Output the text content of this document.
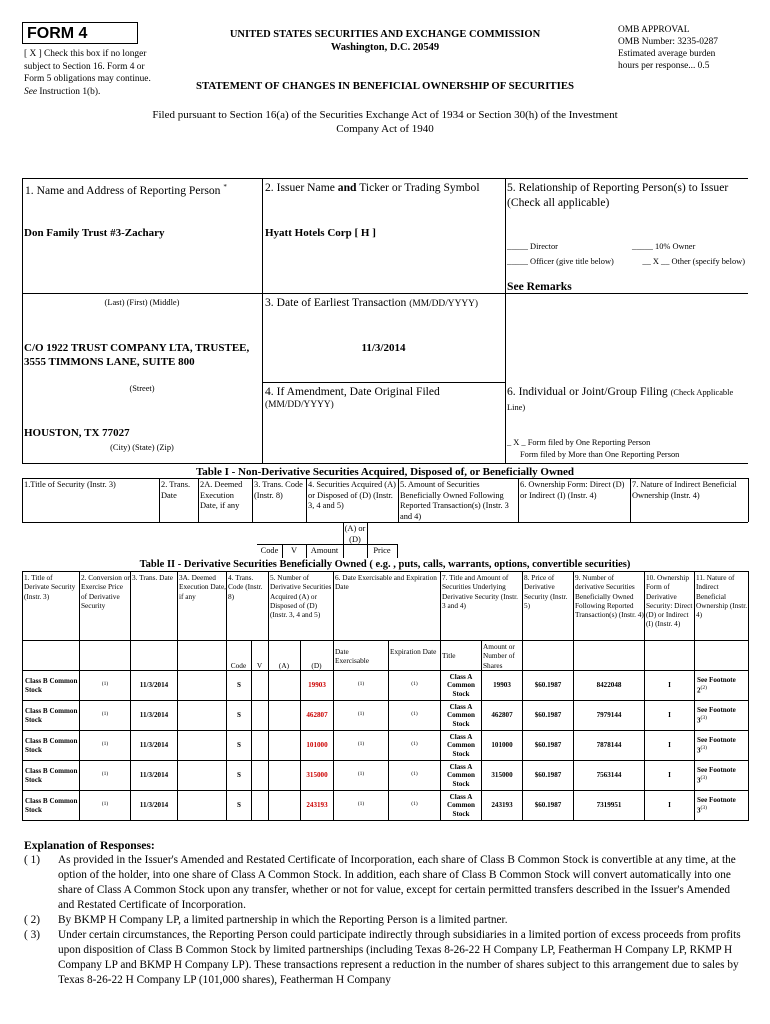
FORM 4
[ X ] Check this box if no longer subject to Section 16. Form 4 or Form 5 obligations may continue. See Instruction 1(b).
UNITED STATES SECURITIES AND EXCHANGE COMMISSION
Washington, D.C. 20549
OMB APPROVAL
OMB Number: 3235-0287
Estimated average burden
hours per response... 0.5
STATEMENT OF CHANGES IN BENEFICIAL OWNERSHIP OF SECURITIES
Filed pursuant to Section 16(a) of the Securities Exchange Act of 1934 or Section 30(h) of the Investment Company Act of 1940
1. Name and Address of Reporting Person *
Don Family Trust #3-Zachary
(Last) (First) (Middle)
C/O 1922 TRUST COMPANY LTA, TRUSTEE, 3555 TIMMONS LANE, SUITE 800
(Street)
HOUSTON, TX 77027
(City) (State) (Zip)
2. Issuer Name and Ticker or Trading Symbol
Hyatt Hotels Corp [ H ]
3. Date of Earliest Transaction (MM/DD/YYYY)
11/3/2014
4. If Amendment, Date Original Filed
(MM/DD/YYYY)
5. Relationship of Reporting Person(s) to Issuer
(Check all applicable)
_____ Director	_____ 10% Owner
_____ Officer (give title below)	__ X __ Other (specify below)
See Remarks
6. Individual or Joint/Group Filing (Check Applicable Line)
_ X _ Form filed by One Reporting Person
Form filed by More than One Reporting Person
Table I - Non-Derivative Securities Acquired, Disposed of, or Beneficially Owned
1.Title of Security (Instr. 3)	2. Trans. Date
2A. Deemed Execution Date, if any
3. Trans. Code (Instr. 8)
4. Securities Acquired (A) or Disposed of (D) (Instr. 3, 4 and 5)
5. Amount of Securities Beneficially Owned Following Reported Transaction(s) (Instr. 3 and 4)
6. Ownership Form: Direct (D) or Indirect (I) (Instr. 4)
7. Nature of Indirect Beneficial Ownership (Instr. 4)
Code	V	Amount
(A) or (D)
Price
Table II - Derivative Securities Beneficially Owned ( e.g. , puts, calls, warrants, options, convertible securities)
1. Title of Derivate Security (Instr. 3)
2. Conversion or Exercise Price of Derivative Security
3. Trans. Date 3A. Deemed Execution Date, if any
4. Trans. Code (Instr. 8)
5. Number of Derivative Securities Acquired (A) or Disposed of (D) (Instr. 3, 4 and 5)
6. Date Exercisable and Expiration Date
7. Title and Amount of Securities Underlying Derivative Security (Instr. 3 and 4)
8. Price of Derivative Security (Instr. 5)
9. Number of derivative Securities Beneficially Owned Following Reported Transaction(s) (Instr. 4)
10. Ownership Form of Derivative Security: Direct (D) or Indirect (I) (Instr. 4)
11. Nature of Indirect Beneficial Ownership (Instr. 4)
Code	V	(A)	(D)
Date Exercisable
Expiration Date Title
Amount or Number of Shares
Class B Common Stock	$^{(1)}$	11/3/2014		S			19903	$^{(1)}$	$^{(1)}$	Class A Common Stock	19903	$60.1987	8422048	I	See Footnote 2$^{(2)}$
Class B Common Stock	$^{(1)}$	11/3/2014		S			462807	$^{(1)}$	$^{(1)}$	Class A Common Stock	462807	$60.1987	7979144	I	See Footnote 3$^{(3)}$
Class B Common Stock	$^{(1)}$	11/3/2014		S			101000	$^{(1)}$	$^{(1)}$	Class A Common Stock	101000	$60.1987	7878144	I	See Footnote 3$^{(3)}$
Class B Common Stock	$^{(1)}$	11/3/2014		S			315000	$^{(1)}$	$^{(1)}$	Class A Common Stock	315000	$60.1987	7563144	I	See Footnote 3$^{(3)}$
Class B Common Stock	$^{(1)}$	11/3/2014		S			243193	$^{(1)}$	$^{(1)}$	Class A Common Stock	243193	$60.1987	7319951	I	See Footnote 3$^{(3)}$
Explanation of Responses:
( 1)	As provided in the Issuer's Amended and Restated Certificate of Incorporation, each share of Class B Common Stock is convertible at any time, at the option of the holder, into one share of Class A Common Stock. In addition, each share of Class B Common Stock will convert automatically into one share of Class A Common Stock upon any transfer, whether or not for value, except for certain permitted transfers described in the Issuer's Amended and Restated Certificate of Incorporation.
( 2)	By BKMP H Company LP, a limited partnership in which the Reporting Person is a limited partner.
( 3)	Under certain circumstances, the Reporting Person could participate indirectly through subsidiaries in a limited portion of excess proceeds from profits upon disposition of Class B Common Stock by limited partnerships (including Texas 8-26-22 H Company LP, Featherman H Company LP, RKMP H Company LP and BKMP H Company LP). These transactions represent a reduction in the number of shares subject to this arrangement due to sales by Texas 8-26-22 H Company LP (101,000 shares), Featherman H Company
